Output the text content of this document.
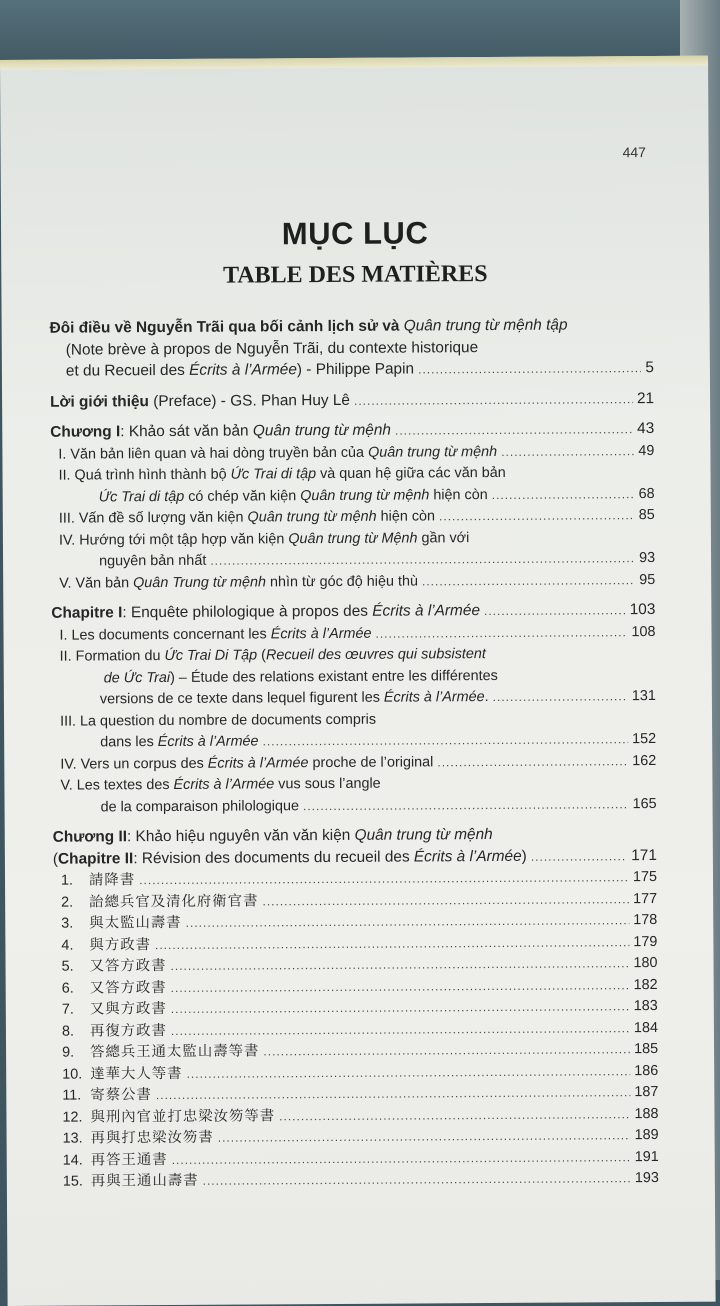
447
MỤC LỤC
TABLE DES MATIÈRES
Đôi điều về Nguyễn Trãi qua bối cảnh lịch sử và Quân trung từ mệnh tập
(Note brève à propos de Nguyễn Trãi, du contexte historique
et du Recueil des Écrits à l’Armée) - Philippe Papin .....	5
Lời giới thiệu (Preface) - GS. Phan Huy Lê .....	21
Chương I: Khảo sát văn bản Quân trung từ mệnh .....	43
I. Văn bản liên quan và hai dòng truyền bản của Quân trung từ mệnh .....	49
II. Quá trình hình thành bộ Ức Trai di tập và quan hệ giữa các văn bản
Ức Trai di tập có chép văn kiện Quân trung từ mệnh hiện còn .....	68
III. Vấn đề số lượng văn kiện Quân trung từ mệnh hiện còn .....	85
IV. Hướng tới một tập hợp văn kiện Quân trung từ Mệnh gần với
nguyên bản nhất .....	93
V. Văn bản Quân Trung từ mệnh nhìn từ góc độ hiệu thù .....	95
Chapitre I: Enquête philologique à propos des Écrits à l’Armée .....	103
I. Les documents concernant les Écrits à l’Armée .....	108
II. Formation du Ức Trai Di Tập (Recueil des œuvres qui subsistent
de Ức Trai) – Étude des relations existant entre les différentes
versions de ce texte dans lequel figurent les Écrits à l’Armée. .....	131
III. La question du nombre de documents compris
dans les Écrits à l’Armée .....	152
IV. Vers un corpus des Écrits à l’Armée proche de l’original .....	162
V. Les textes des Écrits à l’Armée vus sous l’angle
de la comparaison philologique .....	165
Chương II: Khảo hiệu nguyên văn văn kiện Quân trung từ mệnh
(Chapitre II: Révision des documents du recueil des Écrits à l’Armée) .....	171
1. 請降書 .....	175
2. 詒總兵官及清化府衛官書 .....	177
3. 與太監山壽書 .....	178
4. 與方政書 .....	179
5. 又答方政書 .....	180
6. 又答方政書 .....	182
7. 又與方政書 .....	183
8. 再復方政書 .....	184
9. 答總兵王通太監山壽等書 .....	185
10. 達華大人等書 .....	186
11. 寄蔡公書 .....	187
12. 與刑內官並打忠梁汝笏等書 .....	188
13. 再與打忠梁汝笏書 .....	189
14. 再答王通書 .....	191
15. 再與王通山壽書 .....	193
